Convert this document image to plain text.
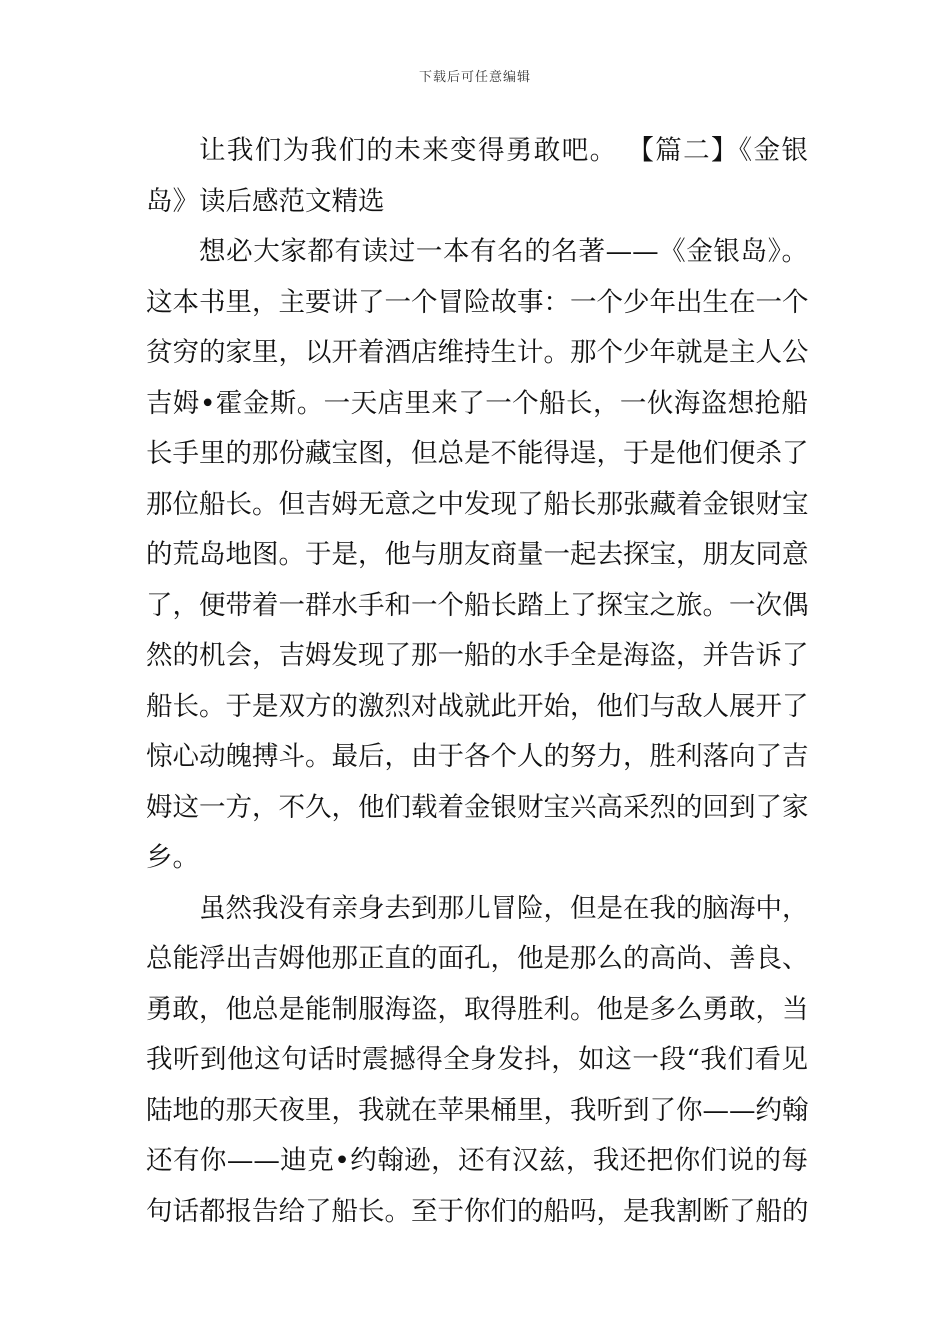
下载后可任意编辑
让我们为我们的未来变得勇敢吧。 【篇二】《金银
岛》读后感范文精选
想必大家都有读过一本有名的名著——《金银岛》。
这本书里，主要讲了一个冒险故事：一个少年出生在一个
贫穷的家里，以开着酒店维持生计。那个少年就是主人公
吉姆•霍金斯。一天店里来了一个船长，一伙海盗想抢船
长手里的那份藏宝图，但总是不能得逞，于是他们便杀了
那位船长。但吉姆无意之中发现了船长那张藏着金银财宝
的荒岛地图。于是，他与朋友商量一起去探宝，朋友同意
了，便带着一群水手和一个船长踏上了探宝之旅。一次偶
然的机会，吉姆发现了那一船的水手全是海盗，并告诉了
船长。于是双方的激烈对战就此开始，他们与敌人展开了
惊心动魄搏斗。最后，由于各个人的努力，胜利落向了吉
姆这一方，不久，他们载着金银财宝兴高采烈的回到了家
乡。
虽然我没有亲身去到那儿冒险，但是在我的脑海中，
总能浮出吉姆他那正直的面孔，他是那么的高尚、善良、
勇敢，他总是能制服海盗，取得胜利。他是多么勇敢，当
我听到他这句话时震撼得全身发抖，如这一段“我们看见
陆地的那天夜里，我就在苹果桶里，我听到了你——约翰
还有你——迪克•约翰逊，还有汉兹，我还把你们说的每
句话都报告给了船长。至于你们的船吗，是我割断了船的
